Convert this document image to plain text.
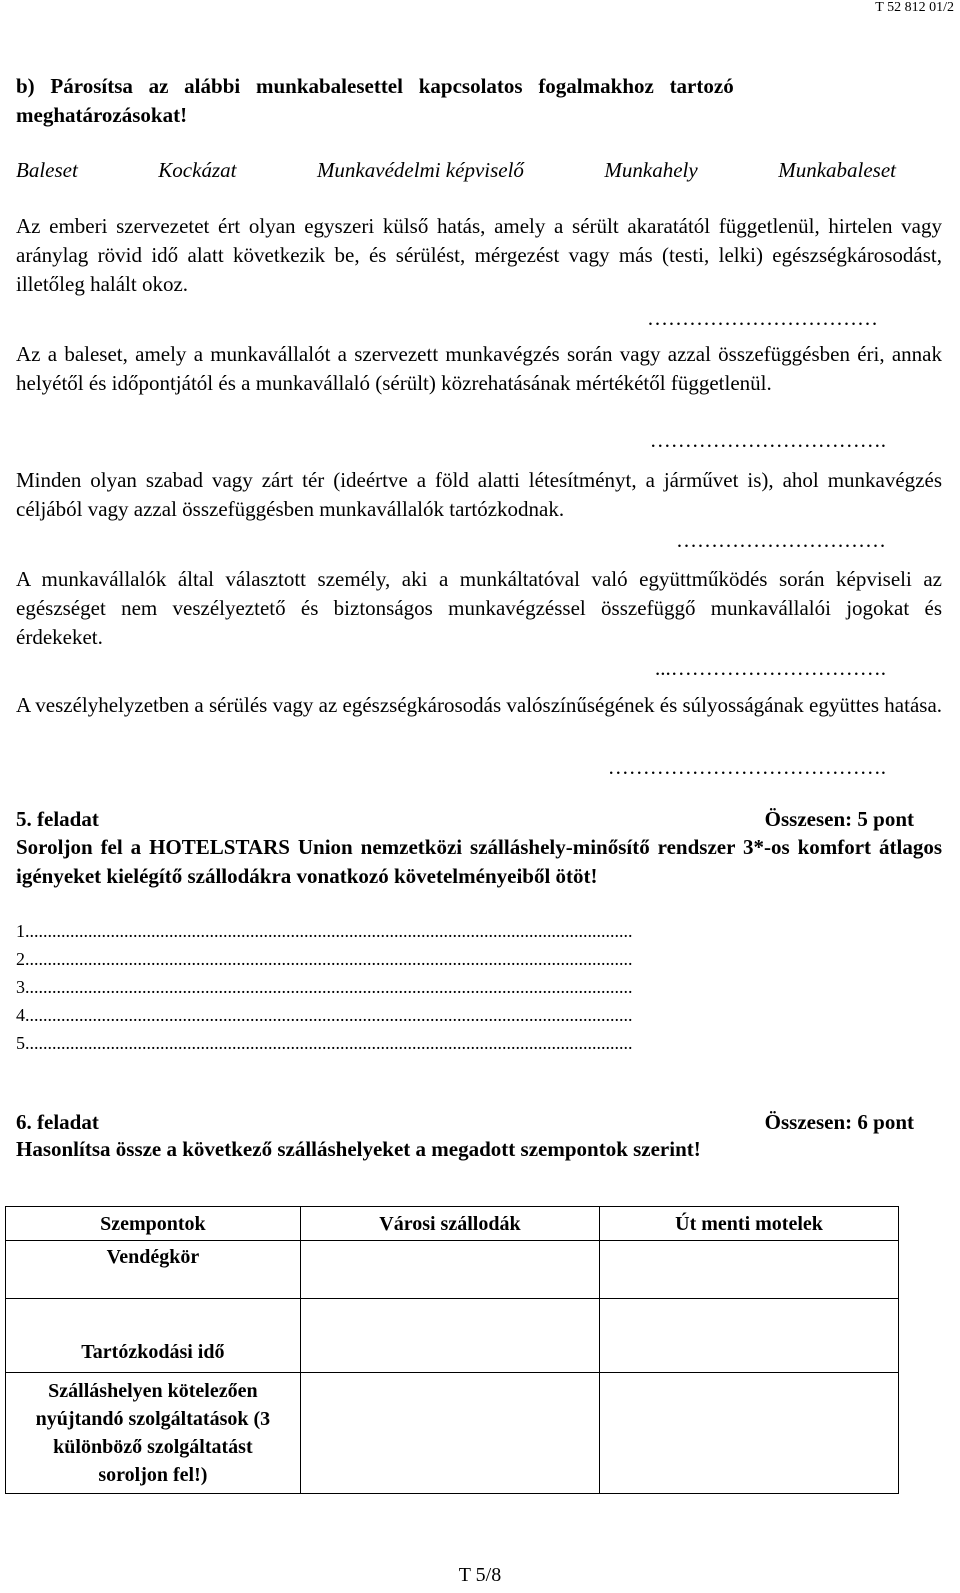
T 52 812 01/2
b)   Párosítsa   az   alábbi   munkabalesettel   kapcsolatos   fogalmakhoz   tartozó
meghatározásokat!
Baleset	Kockázat	Munkavédelmi képviselő	Munkahely	Munkabaleset
Az emberi szervezetet ért olyan egyszeri külső hatás, amely a sérült akaratától függetlenül, hirtelen vagy aránylag rövid idő alatt következik be, és sérülést, mérgezést vagy más (testi, lelki) egészségkárosodást, illetőleg halált okoz.
……………………………
Az a baleset, amely a munkavállalót a szervezett munkavégzés során vagy azzal összefüggésben éri, annak helyétől és időpontjától és a munkavállaló (sérült) közrehatásának mértékétől függetlenül.
…………………………….
Minden olyan szabad vagy zárt tér (ideértve a föld alatti létesítményt, a járművet is), ahol munkavégzés céljából vagy azzal összefüggésben munkavállalók tartózkodnak.
…………………………
A munkavállalók által választott személy, aki a munkáltatóval való együttműködés során képviseli az egészséget nem veszélyeztető és biztonságos munkavégzéssel összefüggő munkavállalói jogokat és érdekeket.
...………………………….
A veszélyhelyzetben a sérülés vagy az egészségkárosodás valószínűségének és súlyosságának együttes hatása.
………………………………….
5. feladat	Összesen: 5 pont
Soroljon fel a HOTELSTARS Union nemzetközi szálláshely-minősítő rendszer 3*-os komfort átlagos igényeket kielégítő szállodákra vonatkozó követelményeiből ötöt!
1.......................................................................................................................................
2.......................................................................................................................................
3.......................................................................................................................................
4.......................................................................................................................................
5.......................................................................................................................................
6. feladat	Összesen: 6 pont
Hasonlítsa össze a következő szálláshelyeket a megadott szempontok szerint!
Szempontok	Városi szállodák	Út menti motelek
Vendégkör		
Tartózkodási idő		
Szálláshelyen kötelezően nyújtandó szolgáltatások (3 különböző szolgáltatást soroljon fel!)		
T 5/8
